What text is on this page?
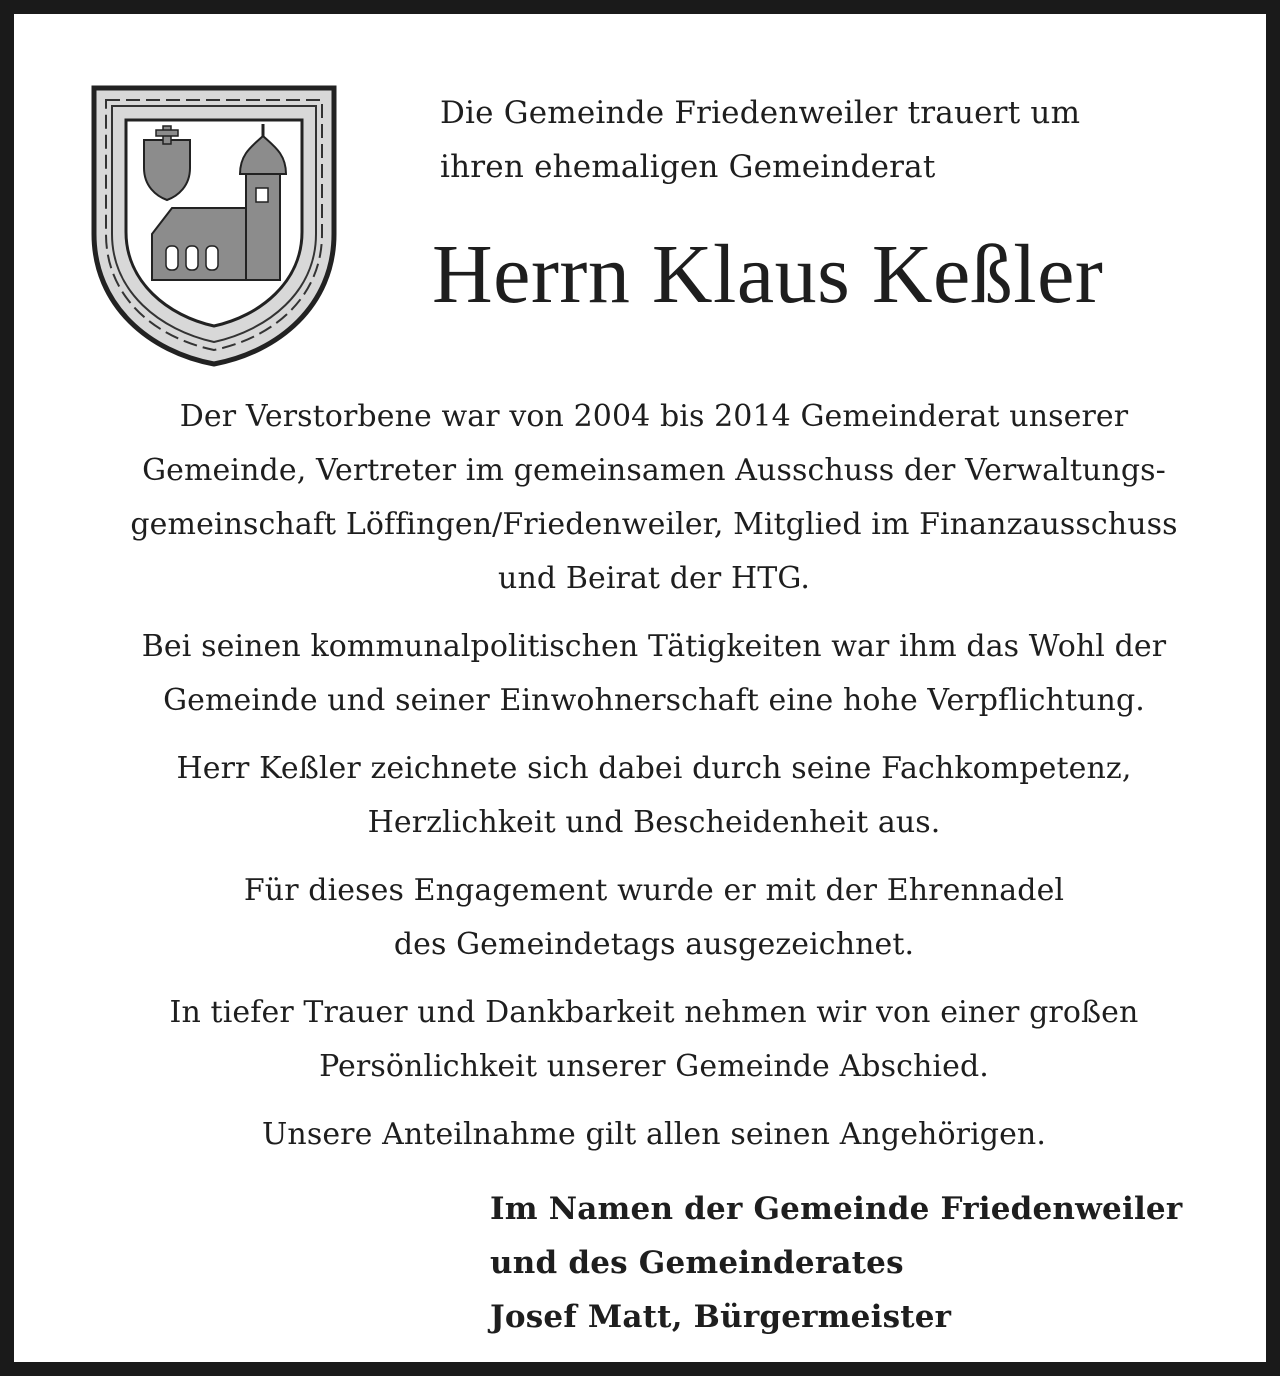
Die Gemeinde Friedenweiler trauert um
ihren ehemaligen Gemeinderat
Herrn Klaus Keßler

Der Verstorbene war von 2004 bis 2014 Gemeinderat unserer
Gemeinde, Vertreter im gemeinsamen Ausschuss der Verwaltungs-
gemeinschaft Löffingen/Friedenweiler, Mitglied im Finanzausschuss
und Beirat der HTG.

Bei seinen kommunalpolitischen Tätigkeiten war ihm das Wohl der
Gemeinde und seiner Einwohnerschaft eine hohe Verpflichtung.

Herr Keßler zeichnete sich dabei durch seine Fachkompetenz,
Herzlichkeit und Bescheidenheit aus.

Für dieses Engagement wurde er mit der Ehrennadel
des Gemeindetags ausgezeichnet.

In tiefer Trauer und Dankbarkeit nehmen wir von einer großen
Persönlichkeit unserer Gemeinde Abschied.

Unsere Anteilnahme gilt allen seinen Angehörigen.

Im Namen der Gemeinde Friedenweiler
und des Gemeinderates
Josef Matt, Bürgermeister
